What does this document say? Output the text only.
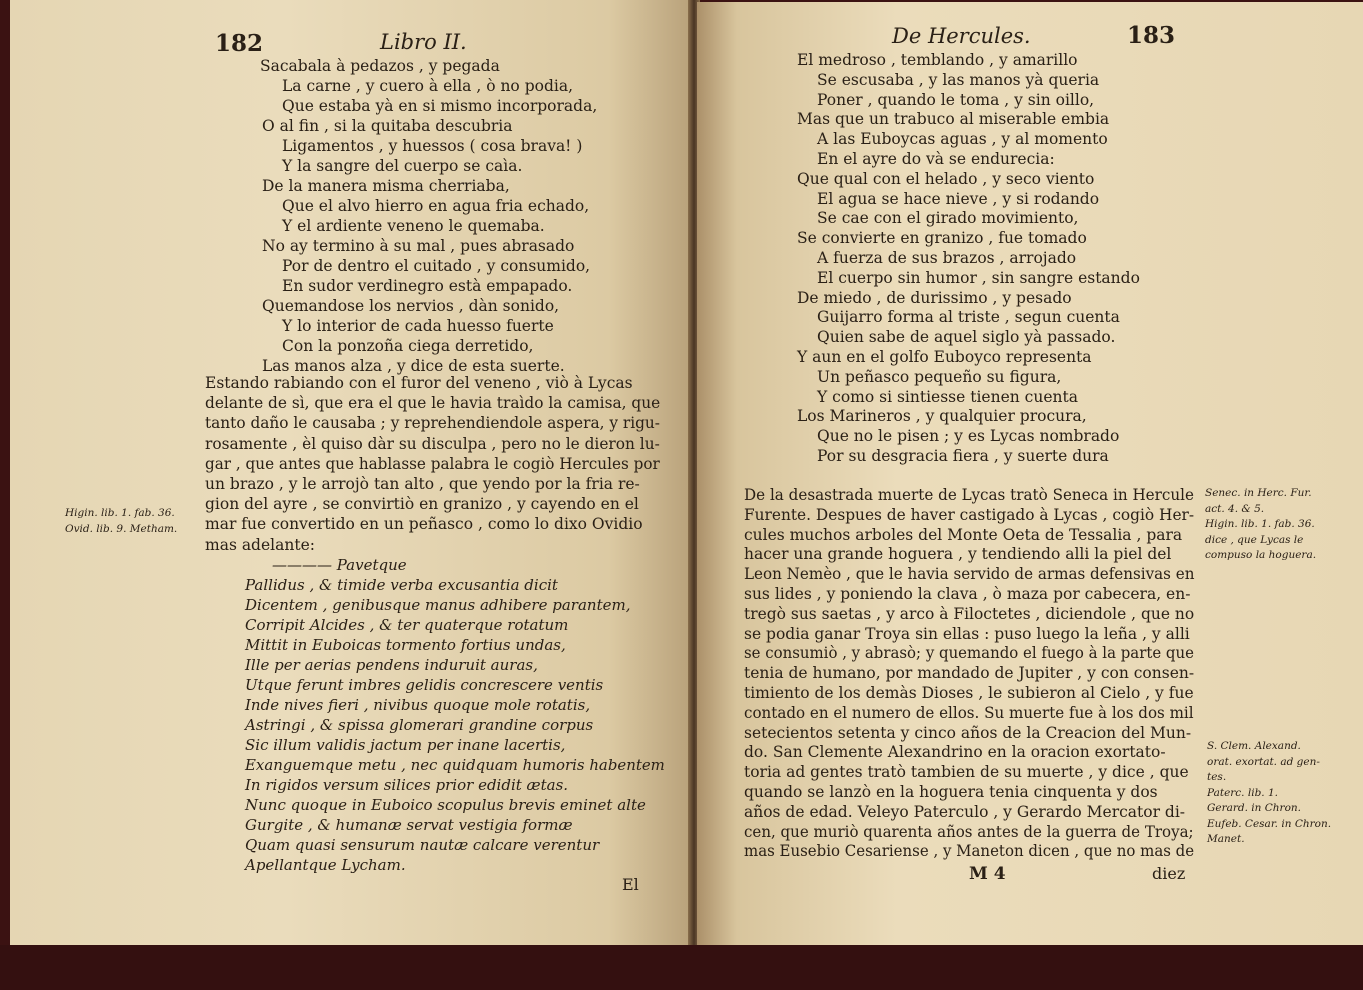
182	Libro II.
Sacabala à pedazos , y pegada
La carne , y cuero à ella , ò no podia,
Que estaba yà en si mismo incorporada,
O al fin , si la quitaba descubria
Ligamentos , y huessos ( cosa brava! )
Y la sangre del cuerpo se caìa.
De la manera misma cherriaba,
Que el alvo hierro en agua fria echado,
Y el ardiente veneno le quemaba.
No ay termino à su mal , pues abrasado
Por de dentro el cuitado , y consumido,
En sudor verdinegro està empapado.
Quemandose los nervios , dàn sonido,
Y lo interior de cada huesso fuerte
Con la ponzoña ciega derretido,
Las manos alza , y dice de esta suerte.
Estando rabiando con el furor del veneno , viò à Lycas
delante de sì, que era el que le havia traìdo la camisa, que
tanto daño le causaba ; y reprehendiendole aspera, y rigu-
rosamente , èl quiso dàr su disculpa , pero no le dieron lu-
gar , que antes que hablasse palabra le cogiò Hercules por
un brazo , y le arrojò tan alto , que yendo por la fria re-
gion del ayre , se convirtiò en granizo , y cayendo en el
mar fue convertido en un peñasco , como lo dixo Ovidio
mas adelante:
Higin. lib. 1. fab. 36.
Ovid. lib. 9. Metham.
———— Pavetque
Pallidus , & timide verba excusantia dicit
Dicentem , genibusque manus adhibere parantem,
Corripit Alcides , & ter quaterque rotatum
Mittit in Euboicas tormento fortius undas,
Ille per aerias pendens induruit auras,
Utque ferunt imbres gelidis concrescere ventis
Inde nives fieri , nivibus quoque mole rotatis,
Astringi , & spissa glomerari grandine corpus
Sic illum validis jactum per inane lacertis,
Exanguemque metu , nec quidquam humoris habentem
In rigidos versum silices prior edidit ætas.
Nunc quoque in Euboico scopulus brevis eminet alte
Gurgite , & humanæ servat vestigia formæ
Quam quasi sensurum nautæ calcare verentur
Apellantque Lycham.
El
De Hercules.	183
El medroso , temblando , y amarillo
Se escusaba , y las manos yà queria
Poner , quando le toma , y sin oillo,
Mas que un trabuco al miserable embia
A las Euboycas aguas , y al momento
En el ayre do và se endurecia:
Que qual con el helado , y seco viento
El agua se hace nieve , y si rodando
Se cae con el girado movimiento,
Se convierte en granizo , fue tomado
A fuerza de sus brazos , arrojado
El cuerpo sin humor , sin sangre estando
De miedo , de durissimo , y pesado
Guijarro forma al triste , segun cuenta
Quien sabe de aquel siglo yà passado.
Y aun en el golfo Euboyco representa
Un peñasco pequeño su figura,
Y como si sintiesse tienen cuenta
Los Marineros , y qualquier procura,
Que no le pisen ; y es Lycas nombrado
Por su desgracia fiera , y suerte dura
De la desastrada muerte de Lycas tratò Seneca in Hercule
Furente. Despues de haver castigado à Lycas , cogiò Her-
cules muchos arboles del Monte Oeta de Tessalia , para
hacer una grande hoguera , y tendiendo alli la piel del
Leon Nemèo , que le havia servido de armas defensivas en
sus lides , y poniendo la clava , ò maza por cabecera, en-
tregò sus saetas , y arco à Filoctetes , diciendole , que no
se podia ganar Troya sin ellas : puso luego la leña , y alli
se consumiò , y abrasò; y quemando el fuego à la parte que
tenia de humano, por mandado de Jupiter , y con consen-
timiento de los demàs Dioses , le subieron al Cielo , y fue
contado en el numero de ellos. Su muerte fue à los dos mil
setecientos setenta y cinco años de la Creacion del Mun-
do. San Clemente Alexandrino en la oracion exortato-
toria ad gentes tratò tambien de su muerte , y dice , que
quando se lanzò en la hoguera tenia cinquenta y dos
años de edad. Veleyo Paterculo , y Gerardo Mercator di-
cen, que muriò quarenta años antes de la guerra de Troya;
mas Eusebio Cesariense , y Maneton dicen , que no mas de
Senec. in Herc. Fur.
act. 4. & 5.
Higin. lib. 1. fab. 36.
dice , que Lycas le
compuso la hoguera.
S. Clem. Alexand.
orat. exortat. ad gen-
tes.
Paterc. lib. 1.
Gerard. in Chron.
Eufeb. Cesar. in Chron.
Manet.
M 4	diez
